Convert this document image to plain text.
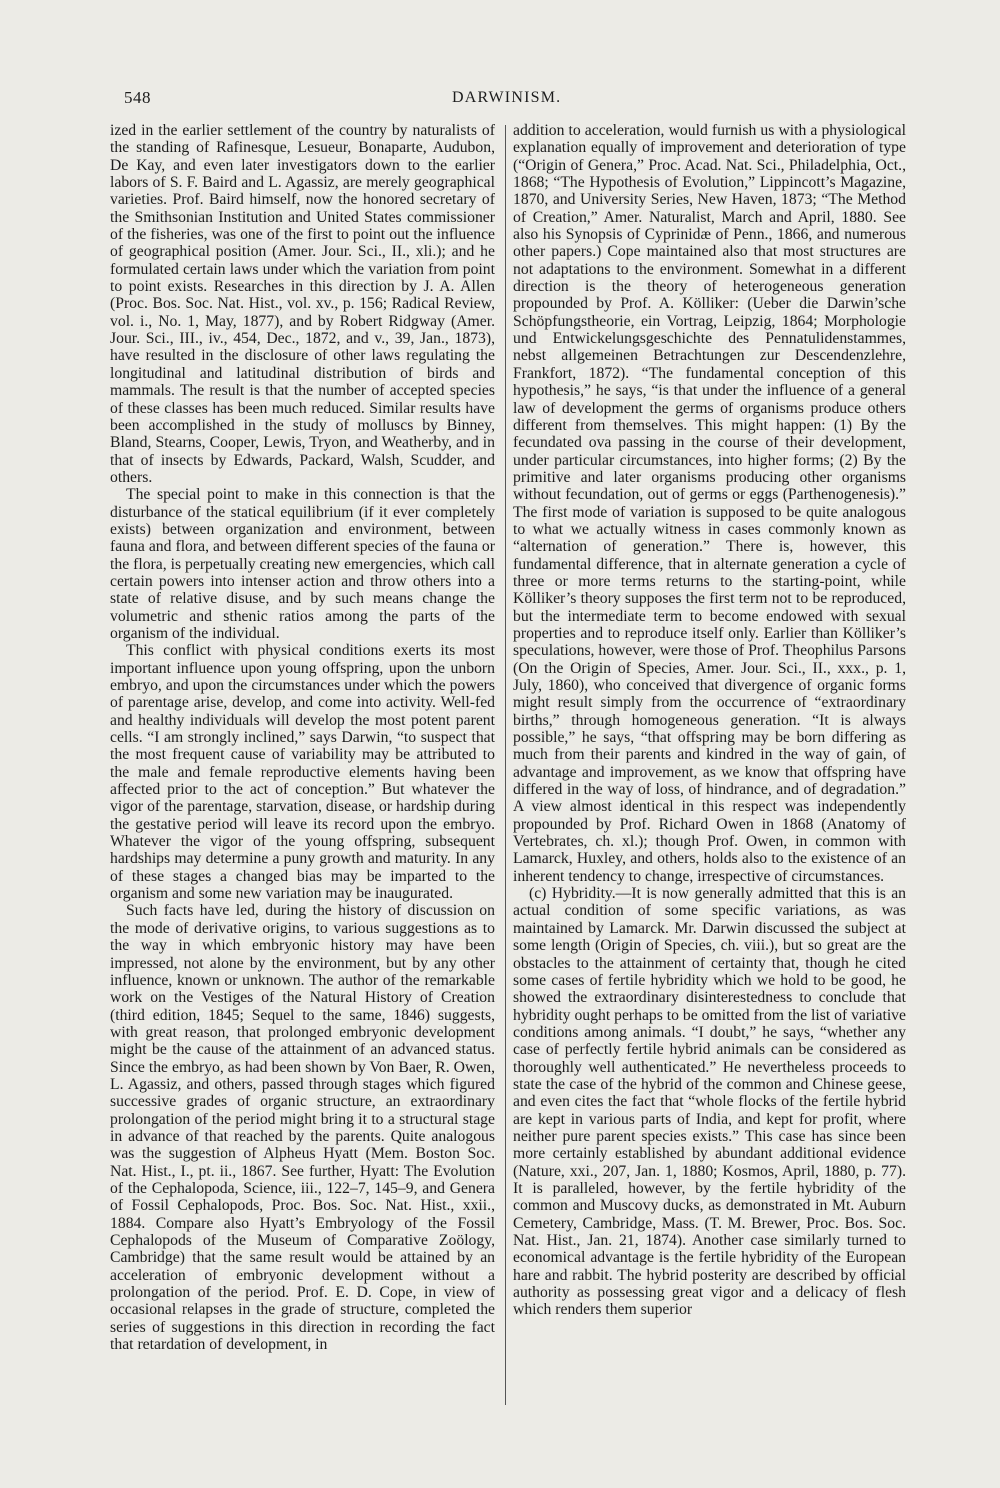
548	DARWINISM.

ized in the earlier settlement of the country by naturalists of the standing of Rafinesque, Lesueur, Bonaparte, Audubon, De Kay, and even later investigators down to the earlier labors of S. F. Baird and L. Agassiz, are merely geographical varieties. Prof. Baird himself, now the honored secretary of the Smithsonian Institution and United States commissioner of the fisheries, was one of the first to point out the influence of geographical position (Amer. Jour. Sci., II., xli.); and he formulated certain laws under which the variation from point to point exists. Researches in this direction by J. A. Allen (Proc. Bos. Soc. Nat. Hist., vol. xv., p. 156; Radical Review, vol. i., No. 1, May, 1877), and by Robert Ridgway (Amer. Jour. Sci., III., iv., 454, Dec., 1872, and v., 39, Jan., 1873), have resulted in the disclosure of other laws regulating the longitudinal and latitudinal distribution of birds and mammals. The result is that the number of accepted species of these classes has been much reduced. Similar results have been accomplished in the study of molluscs by Binney, Bland, Stearns, Cooper, Lewis, Tryon, and Weatherby, and in that of insects by Edwards, Packard, Walsh, Scudder, and others.

The special point to make in this connection is that the disturbance of the statical equilibrium (if it ever completely exists) between organization and environment, between fauna and flora, and between different species of the fauna or the flora, is perpetually creating new emergencies, which call certain powers into intenser action and throw others into a state of relative disuse, and by such means change the volumetric and sthenic ratios among the parts of the organism of the individual.

This conflict with physical conditions exerts its most important influence upon young offspring, upon the unborn embryo, and upon the circumstances under which the powers of parentage arise, develop, and come into activity. Well-fed and healthy individuals will develop the most potent parent cells. “I am strongly inclined,” says Darwin, “to suspect that the most frequent cause of variability may be attributed to the male and female reproductive elements having been affected prior to the act of conception.” But whatever the vigor of the parentage, starvation, disease, or hardship during the gestative period will leave its record upon the embryo. Whatever the vigor of the young offspring, subsequent hardships may determine a puny growth and maturity. In any of these stages a changed bias may be imparted to the organism and some new variation may be inaugurated.

Such facts have led, during the history of discussion on the mode of derivative origins, to various suggestions as to the way in which embryonic history may have been impressed, not alone by the environment, but by any other influence, known or unknown. The author of the remarkable work on the Vestiges of the Natural History of Creation (third edition, 1845; Sequel to the same, 1846) suggests, with great reason, that prolonged embryonic development might be the cause of the attainment of an advanced status. Since the embryo, as had been shown by Von Baer, R. Owen, L. Agassiz, and others, passed through stages which figured successive grades of organic structure, an extraordinary prolongation of the period might bring it to a structural stage in advance of that reached by the parents. Quite analogous was the suggestion of Alpheus Hyatt (Mem. Boston Soc. Nat. Hist., I., pt. ii., 1867. See further, Hyatt: The Evolution of the Cephalopoda, Science, iii., 122–7, 145–9, and Genera of Fossil Cephalopods, Proc. Bos. Soc. Nat. Hist., xxii., 1884. Compare also Hyatt’s Embryology of the Fossil Cephalopods of the Museum of Comparative Zoölogy, Cambridge) that the same result would be attained by an acceleration of embryonic development without a prolongation of the period. Prof. E. D. Cope, in view of occasional relapses in the grade of structure, completed the series of suggestions in this direction in recording the fact that retardation of development, in

addition to acceleration, would furnish us with a physiological explanation equally of improvement and deterioration of type (“Origin of Genera,” Proc. Acad. Nat. Sci., Philadelphia, Oct., 1868; “The Hypothesis of Evolution,” Lippincott’s Magazine, 1870, and University Series, New Haven, 1873; “The Method of Creation,” Amer. Naturalist, March and April, 1880. See also his Synopsis of Cyprinidæ of Penn., 1866, and numerous other papers.) Cope maintained also that most structures are not adaptations to the environment. Somewhat in a different direction is the theory of heterogeneous generation propounded by Prof. A. Kölliker: (Ueber die Darwin’sche Schöpfungstheorie, ein Vortrag, Leipzig, 1864; Morphologie und Entwickelungsgeschichte des Pennatulidenstammes, nebst allgemeinen Betrachtungen zur Descendenzlehre, Frankfort, 1872). “The fundamental conception of this hypothesis,” he says, “is that under the influence of a general law of development the germs of organisms produce others different from themselves. This might happen: (1) By the fecundated ova passing in the course of their development, under particular circumstances, into higher forms; (2) By the primitive and later organisms producing other organisms without fecundation, out of germs or eggs (Parthenogenesis).” The first mode of variation is supposed to be quite analogous to what we actually witness in cases commonly known as “alternation of generation.” There is, however, this fundamental difference, that in alternate generation a cycle of three or more terms returns to the starting-point, while Kölliker’s theory supposes the first term not to be reproduced, but the intermediate term to become endowed with sexual properties and to reproduce itself only. Earlier than Kölliker’s speculations, however, were those of Prof. Theophilus Parsons (On the Origin of Species, Amer. Jour. Sci., II., xxx., p. 1, July, 1860), who conceived that divergence of organic forms might result simply from the occurrence of “extraordinary births,” through homogeneous generation. “It is always possible,” he says, “that offspring may be born differing as much from their parents and kindred in the way of gain, of advantage and improvement, as we know that offspring have differed in the way of loss, of hindrance, and of degradation.” A view almost identical in this respect was independently propounded by Prof. Richard Owen in 1868 (Anatomy of Vertebrates, ch. xl.); though Prof. Owen, in common with Lamarck, Huxley, and others, holds also to the existence of an inherent tendency to change, irrespective of circumstances.

(c) Hybridity.—It is now generally admitted that this is an actual condition of some specific variations, as was maintained by Lamarck. Mr. Darwin discussed the subject at some length (Origin of Species, ch. viii.), but so great are the obstacles to the attainment of certainty that, though he cited some cases of fertile hybridity which we hold to be good, he showed the extraordinary disinterestedness to conclude that hybridity ought perhaps to be omitted from the list of variative conditions among animals. “I doubt,” he says, “whether any case of perfectly fertile hybrid animals can be considered as thoroughly well authenticated.” He nevertheless proceeds to state the case of the hybrid of the common and Chinese geese, and even cites the fact that “whole flocks of the fertile hybrid are kept in various parts of India, and kept for profit, where neither pure parent species exists.” This case has since been more certainly established by abundant additional evidence (Nature, xxi., 207, Jan. 1, 1880; Kosmos, April, 1880, p. 77). It is paralleled, however, by the fertile hybridity of the common and Muscovy ducks, as demonstrated in Mt. Auburn Cemetery, Cambridge, Mass. (T. M. Brewer, Proc. Bos. Soc. Nat. Hist., Jan. 21, 1874). Another case similarly turned to economical advantage is the fertile hybridity of the European hare and rabbit. The hybrid posterity are described by official authority as possessing great vigor and a delicacy of flesh which renders them superior
